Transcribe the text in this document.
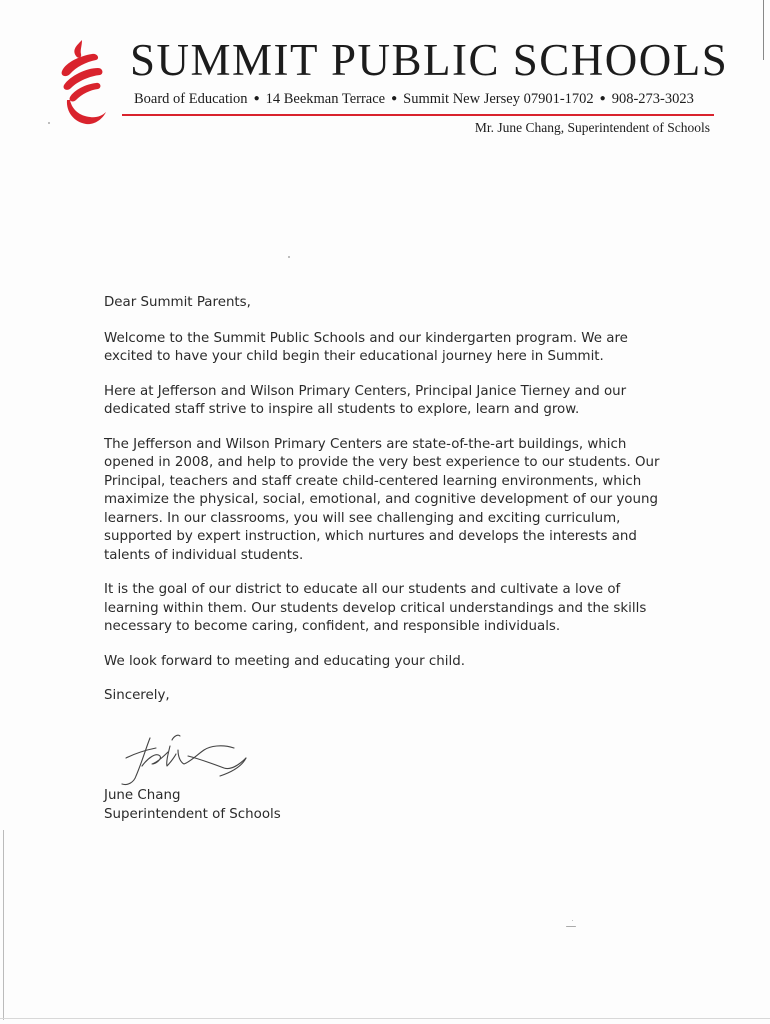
SUMMIT PUBLIC SCHOOLS
Board of Education ● 14 Beekman Terrace ● Summit New Jersey 07901-1702 ● 908-273-3023
Mr. June Chang, Superintendent of Schools

Dear Summit Parents,

Welcome to the Summit Public Schools and our kindergarten program. We are excited to have your child begin their educational journey here in Summit.

Here at Jefferson and Wilson Primary Centers, Principal Janice Tierney and our dedicated staff strive to inspire all students to explore, learn and grow.

The Jefferson and Wilson Primary Centers are state-of-the-art buildings, which opened in 2008, and help to provide the very best experience to our students. Our Principal, teachers and staff create child-centered learning environments, which maximize the physical, social, emotional, and cognitive development of our young learners. In our classrooms, you will see challenging and exciting curriculum, supported by expert instruction, which nurtures and develops the interests and talents of individual students.

It is the goal of our district to educate all our students and cultivate a love of learning within them. Our students develop critical understandings and the skills necessary to become caring, confident, and responsible individuals.

We look forward to meeting and educating your child.

Sincerely,

June Chang
Superintendent of Schools
